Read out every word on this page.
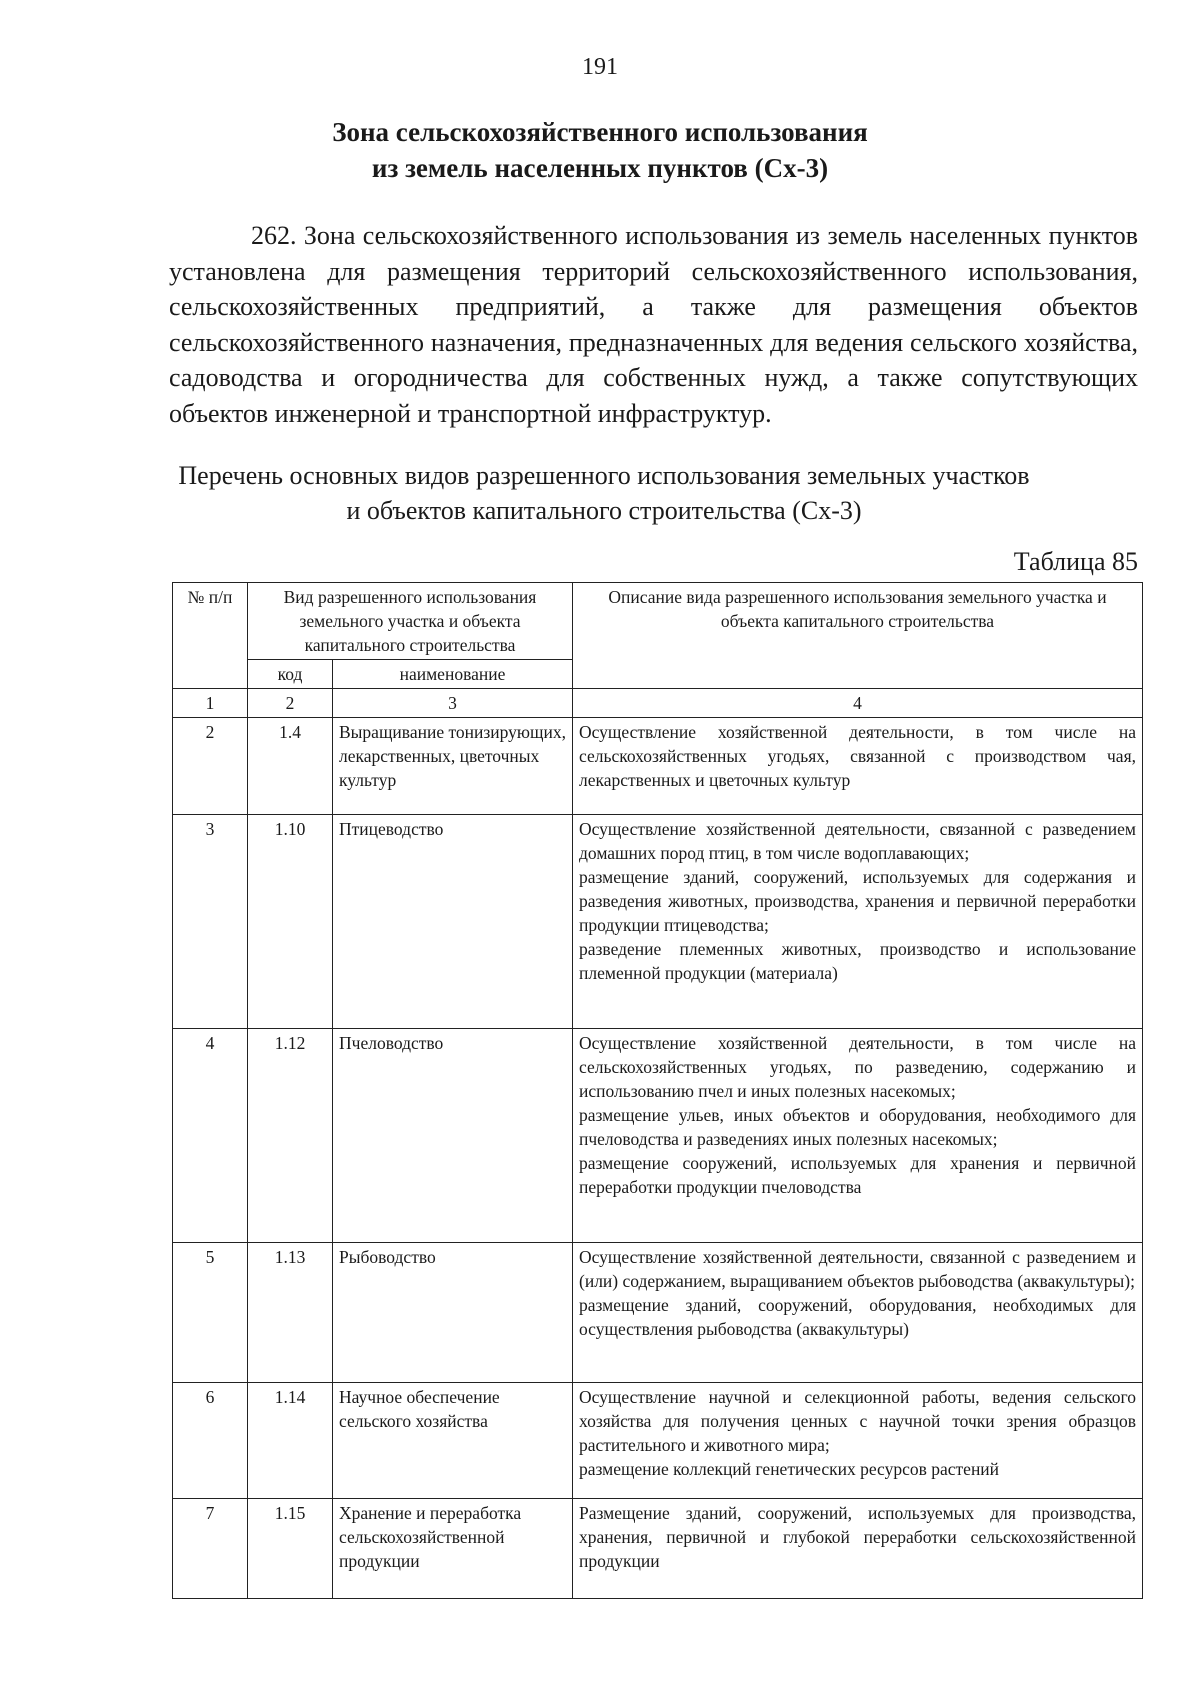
191
Зона сельскохозяйственного использования
из земель населенных пунктов (Сх-3)
262. Зона сельскохозяйственного использования из земель населенных пунктов установлена для размещения территорий сельскохозяйственного использования, сельскохозяйственных предприятий, а также для размещения объектов сельскохозяйственного назначения, предназначенных для ведения сельского хозяйства, садоводства и огородничества для собственных нужд, а также сопутствующих объектов инженерной и транспортной инфраструктур.
Перечень основных видов разрешенного использования земельных участков
и объектов капитального строительства (Сх-3)
Таблица 85
№ п/п	Вид разрешенного использования земельного участка и объекта капитального строительства		Описание вида разрешенного использования земельного участка и объекта капитального строительства
	код	наименование	
1	2	3	4
2	1.4	Выращивание тонизирующих, лекарственных, цветочных культур	Осуществление хозяйственной деятельности, в том числе на сельскохозяйственных угодьях, связанной с производством чая, лекарственных и цветочных культур

3	1.10	Птицеводство	Осуществление хозяйственной деятельности, связанной с разведением домашних пород птиц, в том числе водоплавающих;
размещение зданий, сооружений, используемых для содержания и разведения животных, производства, хранения и первичной переработки продукции птицеводства;
разведение племенных животных, производство и использование племенной продукции (материала)

4	1.12	Пчеловодство	Осуществление хозяйственной деятельности, в том числе на сельскохозяйственных угодьях, по разведению, содержанию и использованию пчел и иных полезных насекомых;
размещение ульев, иных объектов и оборудования, необходимого для пчеловодства и разведениях иных полезных насекомых;
размещение сооружений, используемых для хранения и первичной переработки продукции пчеловодства

5	1.13	Рыбоводство	Осуществление хозяйственной деятельности, связанной с разведением и (или) содержанием, выращиванием объектов рыбоводства (аквакультуры);
размещение зданий, сооружений, оборудования, необходимых для осуществления рыбоводства (аквакультуры)

6	1.14	Научное обеспечение сельского хозяйства	Осуществление научной и селекционной работы, ведения сельского хозяйства для получения ценных с научной точки зрения образцов растительного и животного мира;
размещение коллекций генетических ресурсов растений

7	1.15	Хранение и переработка сельскохозяйственной продукции	Размещение зданий, сооружений, используемых для производства, хранения, первичной и глубокой переработки сельскохозяйственной продукции
